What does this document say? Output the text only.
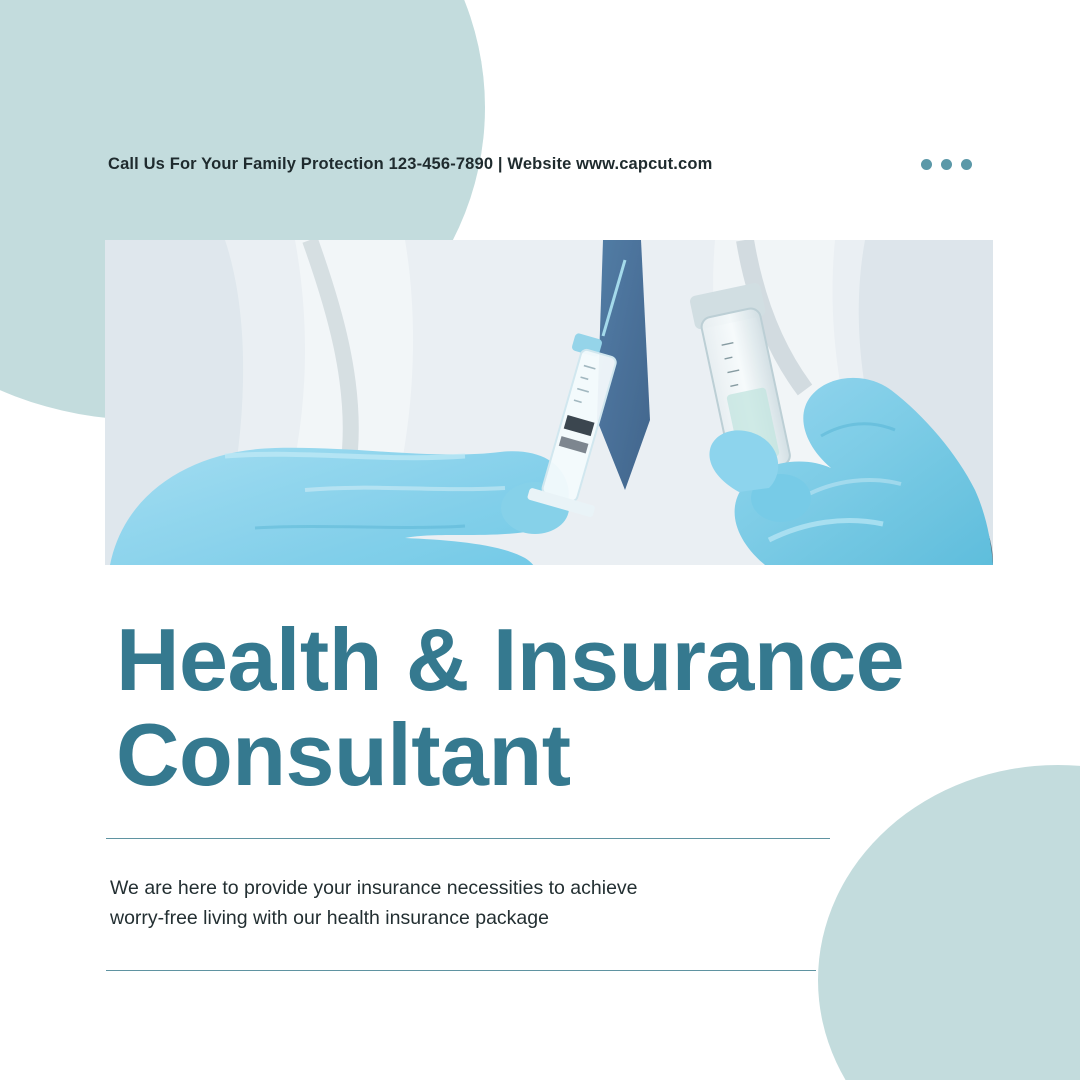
Call Us For Your Family Protection 123-456-7890 | Website www.capcut.com
Health & Insurance
Consultant
We are here to provide your insurance necessities to achieve
worry-free living with our health insurance package
